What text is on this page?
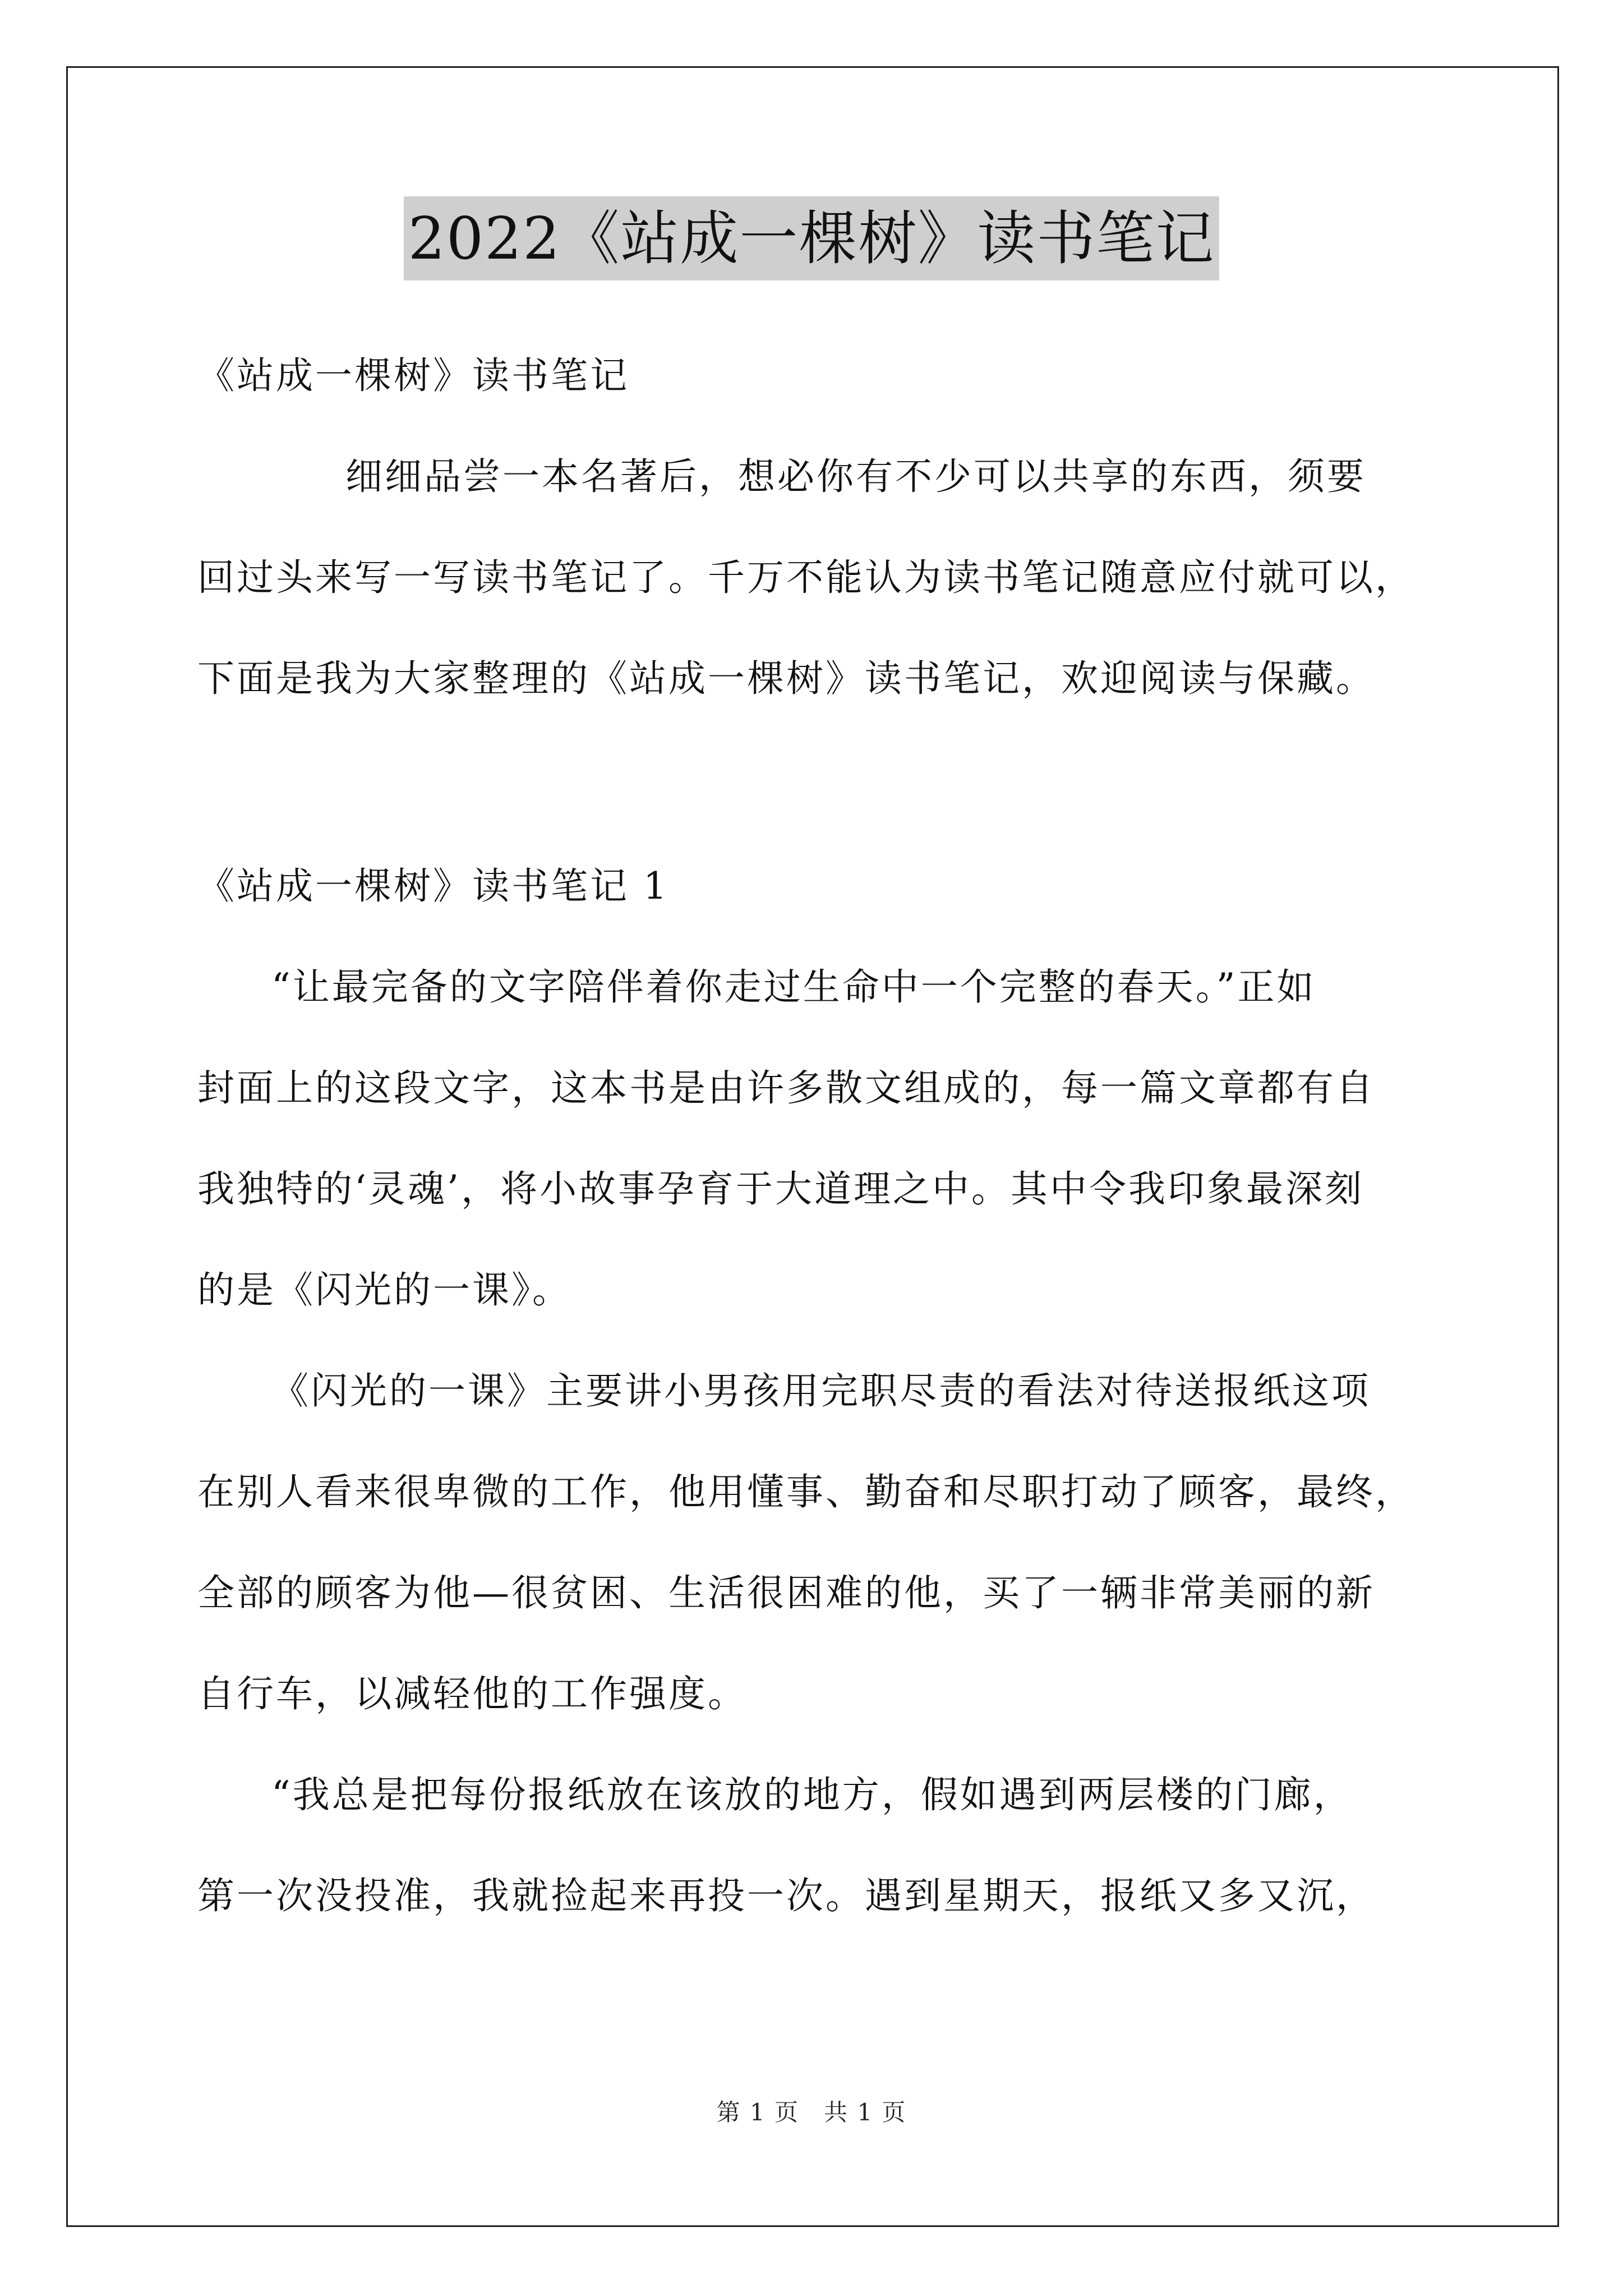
2022《站成一棵树》读书笔记
《站成一棵树》读书笔记
细细品尝一本名著后，想必你有不少可以共享的东西，须要
回过头来写一写读书笔记了。千万不能认为读书笔记随意应付就可以，
下面是我为大家整理的《站成一棵树》读书笔记，欢迎阅读与保藏。
《站成一棵树》读书笔记 1
“让最完备的文字陪伴着你走过生命中一个完整的春天。”正如
封面上的这段文字，这本书是由许多散文组成的，每一篇文章都有自
我独特的‘灵魂’，将小故事孕育于大道理之中。其中令我印象最深刻
的是《闪光的一课》。
《闪光的一课》主要讲小男孩用完职尽责的看法对待送报纸这项
在别人看来很卑微的工作，他用懂事、勤奋和尽职打动了顾客，最终，
全部的顾客为他—很贫困、生活很困难的他，买了一辆非常美丽的新
自行车，以减轻他的工作强度。
“我总是把每份报纸放在该放的地方，假如遇到两层楼的门廊，
第一次没投准，我就捡起来再投一次。遇到星期天，报纸又多又沉，
第 1 页　共 1 页
